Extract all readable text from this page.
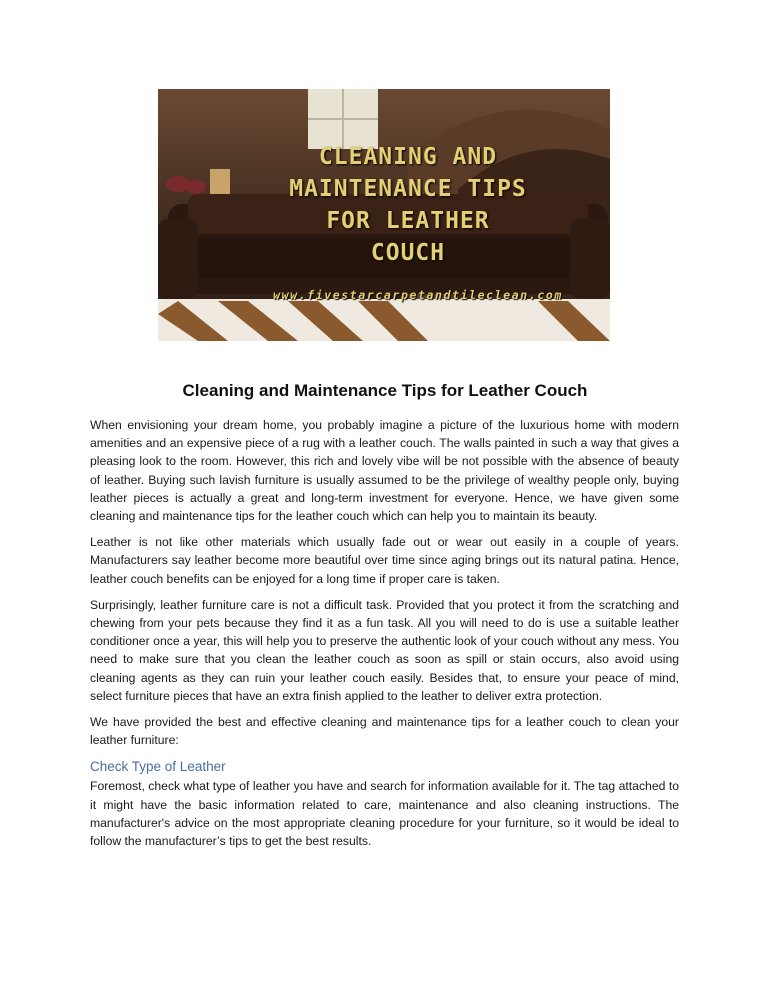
CLEANING AND
MAINTENANCE TIPS
FOR LEATHER
COUCH
www.fivestarcarpetandtileclean.com
Cleaning and Maintenance Tips for Leather Couch

When envisioning your dream home, you probably imagine a picture of the luxurious home with modern amenities and an expensive piece of a rug with a leather couch. The walls painted in such a way that gives a pleasing look to the room. However, this rich and lovely vibe will be not possible with the absence of beauty of leather. Buying such lavish furniture is usually assumed to be the privilege of wealthy people only, buying leather pieces is actually a great and long-term investment for everyone. Hence, we have given some cleaning and maintenance tips for the leather couch which can help you to maintain its beauty.

Leather is not like other materials which usually fade out or wear out easily in a couple of years. Manufacturers say leather become more beautiful over time since aging brings out its natural patina. Hence, leather couch benefits can be enjoyed for a long time if proper care is taken.

Surprisingly, leather furniture care is not a difficult task. Provided that you protect it from the scratching and chewing from your pets because they find it as a fun task. All you will need to do is use a suitable leather conditioner once a year, this will help you to preserve the authentic look of your couch without any mess. You need to make sure that you clean the leather couch as soon as spill or stain occurs, also avoid using cleaning agents as they can ruin your leather couch easily. Besides that, to ensure your peace of mind, select furniture pieces that have an extra finish applied to the leather to deliver extra protection.

We have provided the best and effective cleaning and maintenance tips for a leather couch to clean your leather furniture:

Check Type of Leather

Foremost, check what type of leather you have and search for information available for it. The tag attached to it might have the basic information related to care, maintenance and also cleaning instructions. The manufacturer's advice on the most appropriate cleaning procedure for your furniture, so it would be ideal to follow the manufacturer’s tips to get the best results.
